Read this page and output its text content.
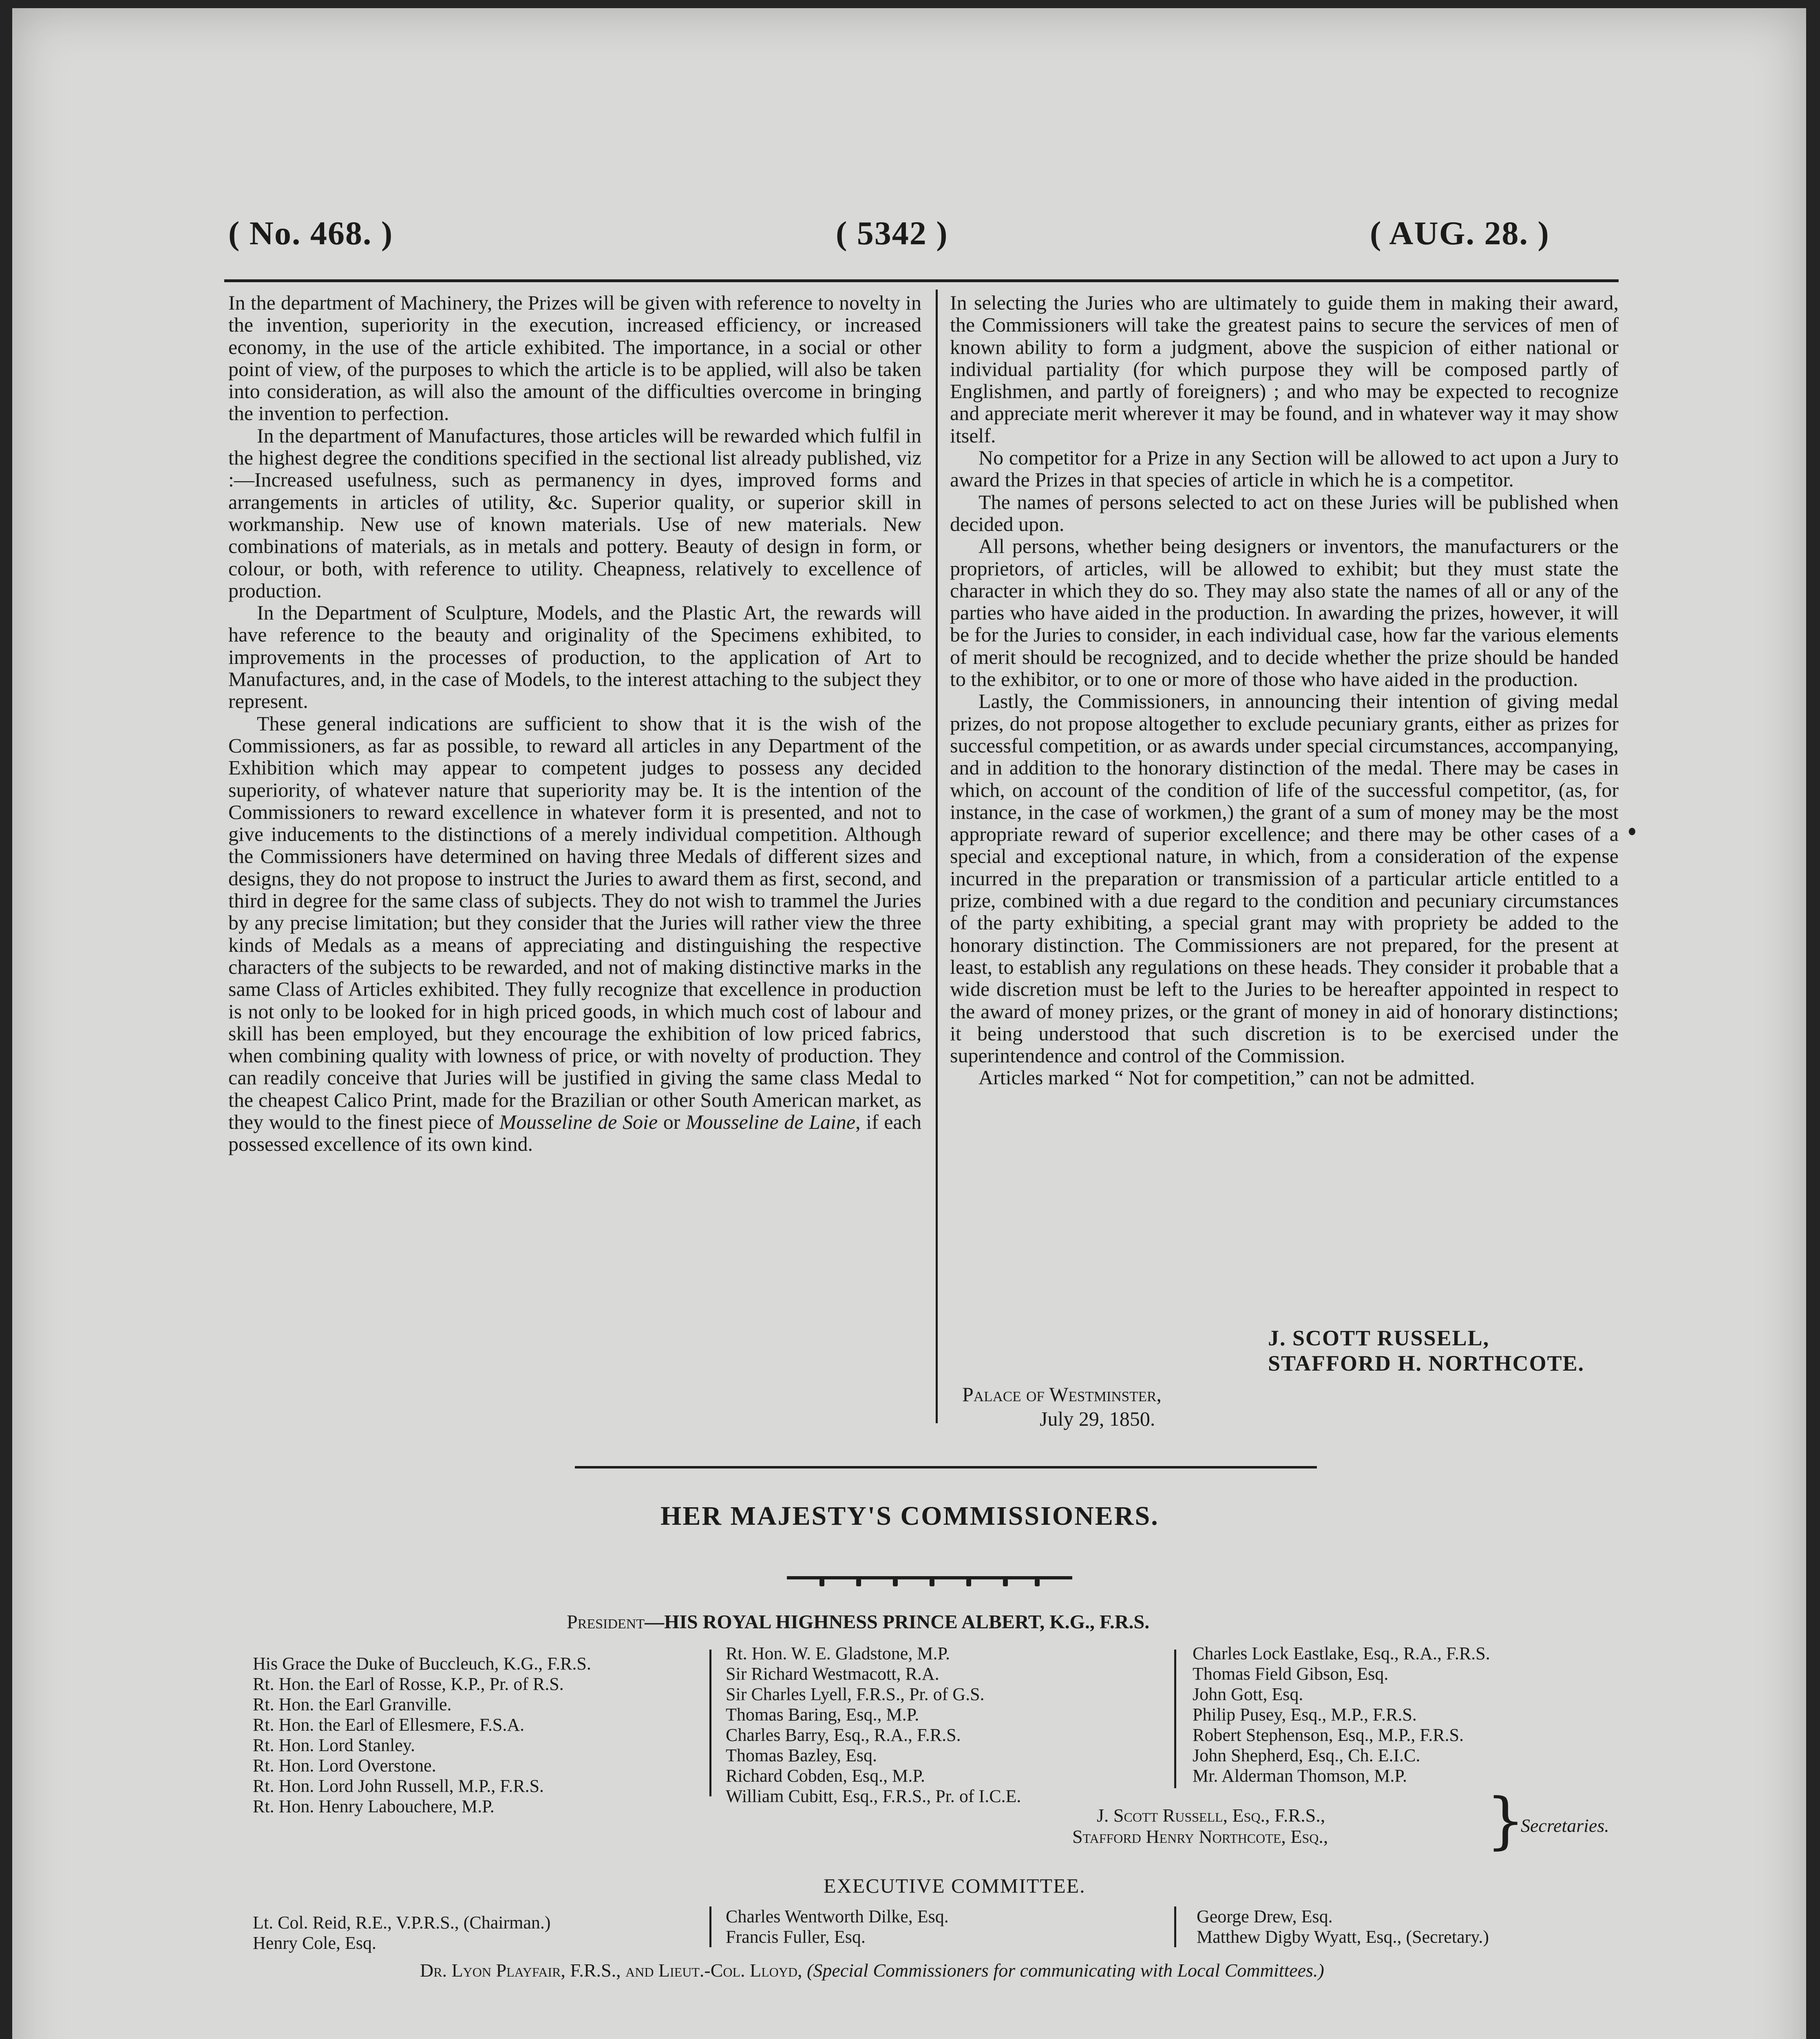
( No. 468. )	( 5342 )	( AUG. 28. )

In the department of Machinery, the Prizes will be given with reference to novelty in the invention, superiority in the execution, increased efficiency, or increased economy, in the use of the article exhibited. The importance, in a social or other point of view, of the purposes to which the article is to be applied, will also be taken into consideration, as will also the amount of the difficulties overcome in bringing the invention to perfection.

In the department of Manufactures, those articles will be rewarded which fulfil in the highest degree the conditions specified in the sectional list already published, viz :—Increased usefulness, such as permanency in dyes, improved forms and arrangements in articles of utility, &c. Superior quality, or superior skill in workmanship. New use of known materials. Use of new materials. New combinations of materials, as in metals and pottery. Beauty of design in form, or colour, or both, with reference to utility. Cheapness, relatively to excellence of production.

In the Department of Sculpture, Models, and the Plastic Art, the rewards will have reference to the beauty and originality of the Specimens exhibited, to improvements in the processes of production, to the application of Art to Manufactures, and, in the case of Models, to the interest attaching to the subject they represent.

These general indications are sufficient to show that it is the wish of the Commissioners, as far as possible, to reward all articles in any Department of the Exhibition which may appear to competent judges to possess any decided superiority, of whatever nature that superiority may be. It is the intention of the Commissioners to reward excellence in whatever form it is presented, and not to give inducements to the distinctions of a merely individual competition. Although the Commissioners have determined on having three Medals of different sizes and designs, they do not propose to instruct the Juries to award them as first, second, and third in degree for the same class of subjects. They do not wish to trammel the Juries by any precise limitation; but they consider that the Juries will rather view the three kinds of Medals as a means of appreciating and distinguishing the respective characters of the subjects to be rewarded, and not of making distinctive marks in the same Class of Articles exhibited. They fully recognize that excellence in production is not only to be looked for in high priced goods, in which much cost of labour and skill has been employed, but they encourage the exhibition of low priced fabrics, when combining quality with lowness of price, or with novelty of production. They can readily conceive that Juries will be justified in giving the same class Medal to the cheapest Calico Print, made for the Brazilian or other South American market, as they would to the finest piece of Mousseline de Soie or Mousseline de Laine, if each possessed excellence of its own kind.

In selecting the Juries who are ultimately to guide them in making their award, the Commissioners will take the greatest pains to secure the services of men of known ability to form a judgment, above the suspicion of either national or individual partiality (for which purpose they will be composed partly of Englishmen, and partly of foreigners) ; and who may be expected to recognize and appreciate merit wherever it may be found, and in whatever way it may show itself.

No competitor for a Prize in any Section will be allowed to act upon a Jury to award the Prizes in that species of article in which he is a competitor.

The names of persons selected to act on these Juries will be published when decided upon.

All persons, whether being designers or inventors, the manufacturers or the proprietors, of articles, will be allowed to exhibit; but they must state the character in which they do so. They may also state the names of all or any of the parties who have aided in the production. In awarding the prizes, however, it will be for the Juries to consider, in each individual case, how far the various elements of merit should be recognized, and to decide whether the prize should be handed to the exhibitor, or to one or more of those who have aided in the production.

Lastly, the Commissioners, in announcing their intention of giving medal prizes, do not propose altogether to exclude pecuniary grants, either as prizes for successful competition, or as awards under special circumstances, accompanying, and in addition to the honorary distinction of the medal. There may be cases in which, on account of the condition of life of the successful competitor, (as, for instance, in the case of workmen,) the grant of a sum of money may be the most appropriate reward of superior excellence; and there may be other cases of a special and exceptional nature, in which, from a consideration of the expense incurred in the preparation or transmission of a particular article entitled to a prize, combined with a due regard to the condition and pecuniary circumstances of the party exhibiting, a special grant may with propriety be added to the honorary distinction. The Commissioners are not prepared, for the present at least, to establish any regulations on these heads. They consider it probable that a wide discretion must be left to the Juries to be hereafter appointed in respect to the award of money prizes, or the grant of money in aid of honorary distinctions; it being understood that such discretion is to be exercised under the superintendence and control of the Commission.

Articles marked “ Not for competition,” can not be admitted.

J. SCOTT RUSSELL,
STAFFORD H. NORTHCOTE.
Palace of Westminster,
July 29, 1850.
HER MAJESTY'S COMMISSIONERS.
President—HIS ROYAL HIGHNESS PRINCE ALBERT, K.G., F.R.S.
His Grace the Duke of Buccleuch, K.G., F.R.S.
Rt. Hon. the Earl of Rosse, K.P., Pr. of R.S.
Rt. Hon. the Earl Granville.
Rt. Hon. the Earl of Ellesmere, F.S.A.
Rt. Hon. Lord Stanley.
Rt. Hon. Lord Overstone.
Rt. Hon. Lord John Russell, M.P., F.R.S.
Rt. Hon. Henry Labouchere, M.P.
Rt. Hon. W. E. Gladstone, M.P.
Sir Richard Westmacott, R.A.
Sir Charles Lyell, F.R.S., Pr. of G.S.
Thomas Baring, Esq., M.P.
Charles Barry, Esq., R.A., F.R.S.
Thomas Bazley, Esq.
Richard Cobden, Esq., M.P.
William Cubitt, Esq., F.R.S., Pr. of I.C.E.
Charles Lock Eastlake, Esq., R.A., F.R.S.
Thomas Field Gibson, Esq.
John Gott, Esq.
Philip Pusey, Esq., M.P., F.R.S.
Robert Stephenson, Esq., M.P., F.R.S.
John Shepherd, Esq., Ch. E.I.C.
Mr. Alderman Thomson, M.P.
J. Scott Russell, Esq., F.R.S.,
Stafford Henry Northcote, Esq.,	}
Secretaries.
EXECUTIVE COMMITTEE.
Lt. Col. Reid, R.E., V.P.R.S., (Chairman.)
Henry Cole, Esq.
Charles Wentworth Dilke, Esq.
Francis Fuller, Esq.
George Drew, Esq.
Matthew Digby Wyatt, Esq., (Secretary.)
Dr. Lyon Playfair, F.R.S., and Lieut.-Col. Lloyd, (Special Commissioners for communicating with Local Committees.)
